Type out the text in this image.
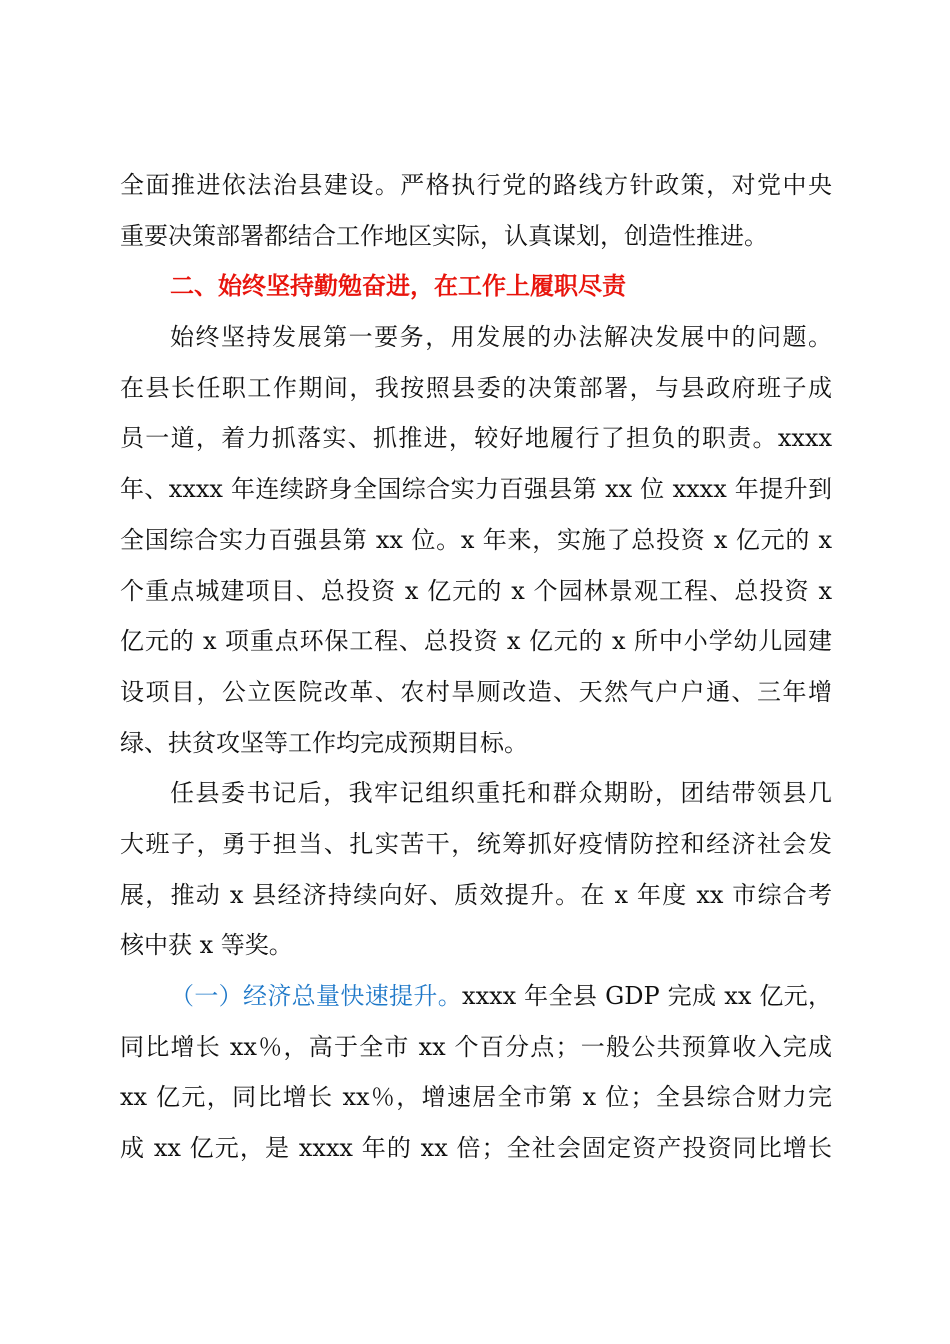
全面推进依法治县建设。严格执行党的路线方针政策，对党中央
重要决策部署都结合工作地区实际，认真谋划，创造性推进。
二、始终坚持勤勉奋进，在工作上履职尽责
始终坚持发展第一要务，用发展的办法解决发展中的问题。
在县长任职工作期间，我按照县委的决策部署，与县政府班子成
员一道，着力抓落实、抓推进，较好地履行了担负的职责。xxxx
年、xxxx 年连续跻身全国综合实力百强县第 xx 位 xxxx 年提升到
全国综合实力百强县第 xx 位。x 年来，实施了总投资 x 亿元的 x
个重点城建项目、总投资 x 亿元的 x 个园林景观工程、总投资 x
亿元的 x 项重点环保工程、总投资 x 亿元的 x 所中小学幼儿园建
设项目，公立医院改革、农村旱厕改造、天然气户户通、三年增
绿、扶贫攻坚等工作均完成预期目标。
任县委书记后，我牢记组织重托和群众期盼，团结带领县几
大班子，勇于担当、扎实苦干，统筹抓好疫情防控和经济社会发
展，推动 x 县经济持续向好、质效提升。在 x 年度 xx 市综合考
核中获 x 等奖。
（一）经济总量快速提升。xxxx 年全县 GDP 完成 xx 亿元，
同比增长 xx％，高于全市 xx 个百分点；一般公共预算收入完成
xx 亿元，同比增长 xx％，增速居全市第 x 位；全县综合财力完
成 xx 亿元，是 xxxx 年的 xx 倍；全社会固定资产投资同比增长
